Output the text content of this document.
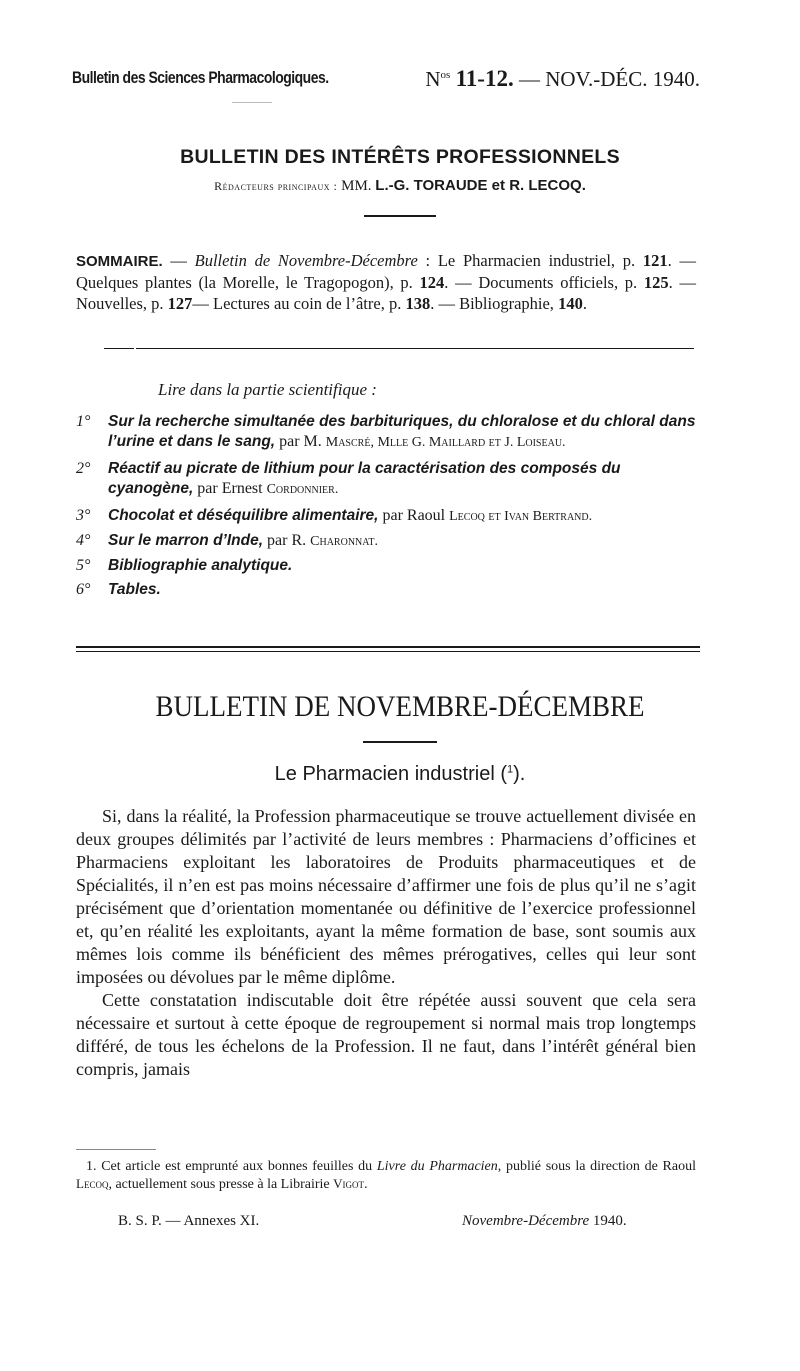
Bulletin des Sciences Pharmacologiques.	$N^{os}$ 11-12. — NOV.-DÉC. 1940.
BULLETIN DES INTÉRÊTS PROFESSIONNELS
Rédacteurs principaux : MM. L.-G. TORAUDE et R. LECOQ.
SOMMAIRE. — Bulletin de Novembre-Décembre : Le Pharmacien industriel, p. 121. — Quelques plantes (la Morelle, le Tragopogon), p. 124. — Documents officiels, p. 125. — Nouvelles, p. 127— Lectures au coin de l’âtre, p. 138. — Bibliographie, 140.
Lire dans la partie scientifique :
1° Sur la recherche simultanée des barbituriques, du chloralose et du chloral dans l’urine et dans le sang, par M. Mascré, Mlle G. Maillard et J. Loiseau.
2° Réactif au picrate de lithium pour la caractérisation des composés du cyanogène, par Ernest Cordonnier.
3° Chocolat et déséquilibre alimentaire, par Raoul Lecoq et Ivan Bertrand.
4° Sur le marron d’Inde, par R. Charonnat.
5° Bibliographie analytique.
6° Tables.
BULLETIN DE NOVEMBRE-DÉCEMBRE
Le Pharmacien industriel ($^1$).

Si, dans la réalité, la Profession pharmaceutique se trouve actuellement divisée en deux groupes délimités par l’activité de leurs membres : Pharmaciens d’officines et Pharmaciens exploitant les laboratoires de Produits pharmaceutiques et de Spécialités, il n’en est pas moins nécessaire d’affirmer une fois de plus qu’il ne s’agit précisément que d’orientation momentanée ou définitive de l’exercice professionnel et, qu’en réalité les exploitants, ayant la même formation de base, sont soumis aux mêmes lois comme ils bénéficient des mêmes prérogatives, celles qui leur sont imposées ou dévolues par le même diplôme.

Cette constatation indiscutable doit être répétée aussi souvent que cela sera nécessaire et surtout à cette époque de regroupement si normal mais trop longtemps différé, de tous les échelons de la Profession. Il ne faut, dans l’intérêt général bien compris, jamais

1. Cet article est emprunté aux bonnes feuilles du Livre du Pharmacien, publié sous la direction de Raoul Lecoq, actuellement sous presse à la Librairie Vigot.

B. S. P. — Annexes XI.	Novembre-Décembre 1940.
